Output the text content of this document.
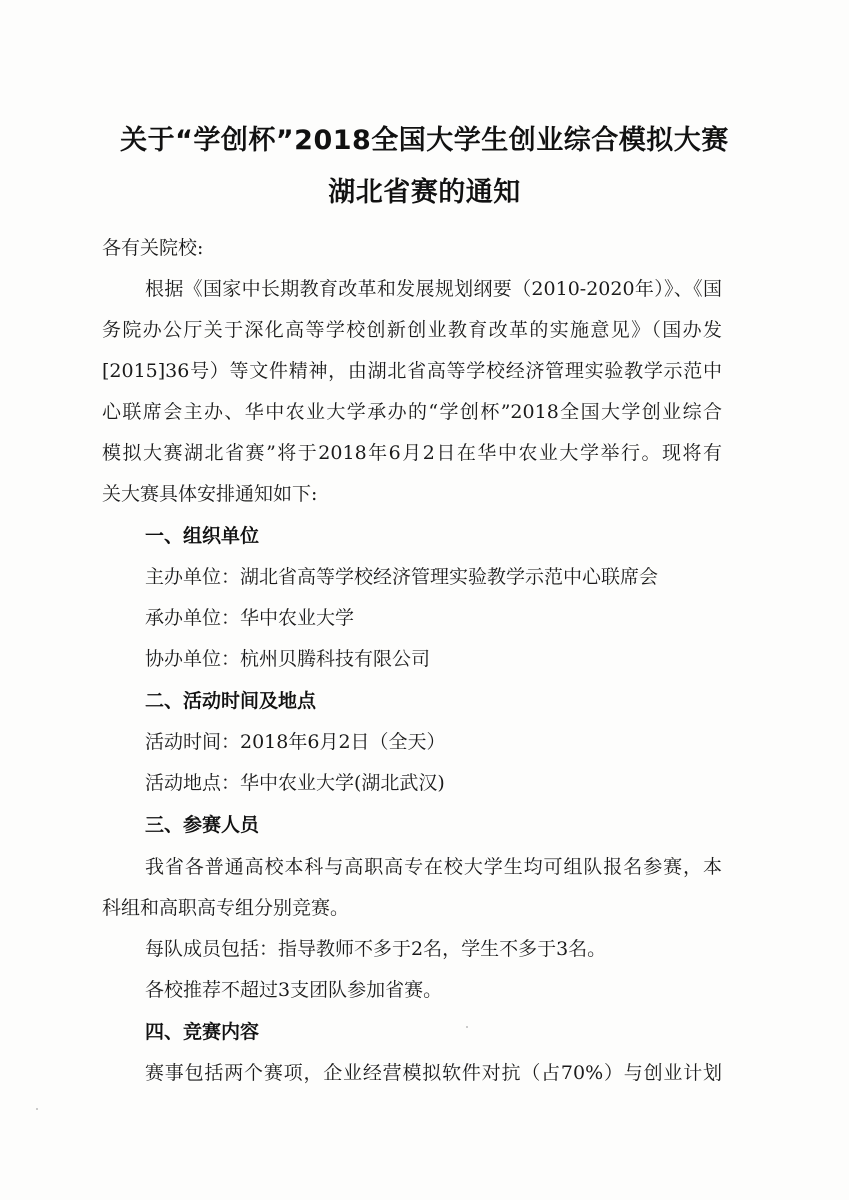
关于“学创杯”2018全国大学生创业综合模拟大赛
湖北省赛的通知
各有关院校:
根据《国家中长期教育改革和发展规划纲要（2010-2020年）》、《国
务院办公厅关于深化高等学校创新创业教育改革的实施意见》（国办发
[2015]36号）等文件精神，由湖北省高等学校经济管理实验教学示范中
心联席会主办、华中农业大学承办的“学创杯”2018全国大学创业综合
模拟大赛湖北省赛”将于2018年6月2日在华中农业大学举行。现将有
关大赛具体安排通知如下:
一、组织单位
主办单位：湖北省高等学校经济管理实验教学示范中心联席会
承办单位：华中农业大学
协办单位：杭州贝腾科技有限公司
二、活动时间及地点
活动时间：2018年6月2日（全天）
活动地点：华中农业大学(湖北武汉)
三、参赛人员
我省各普通高校本科与高职高专在校大学生均可组队报名参赛，本
科组和高职高专组分别竞赛。
每队成员包括：指导教师不多于2名，学生不多于3名。
各校推荐不超过3支团队参加省赛。
四、竞赛内容
赛事包括两个赛项，企业经营模拟软件对抗（占70%）与创业计划
